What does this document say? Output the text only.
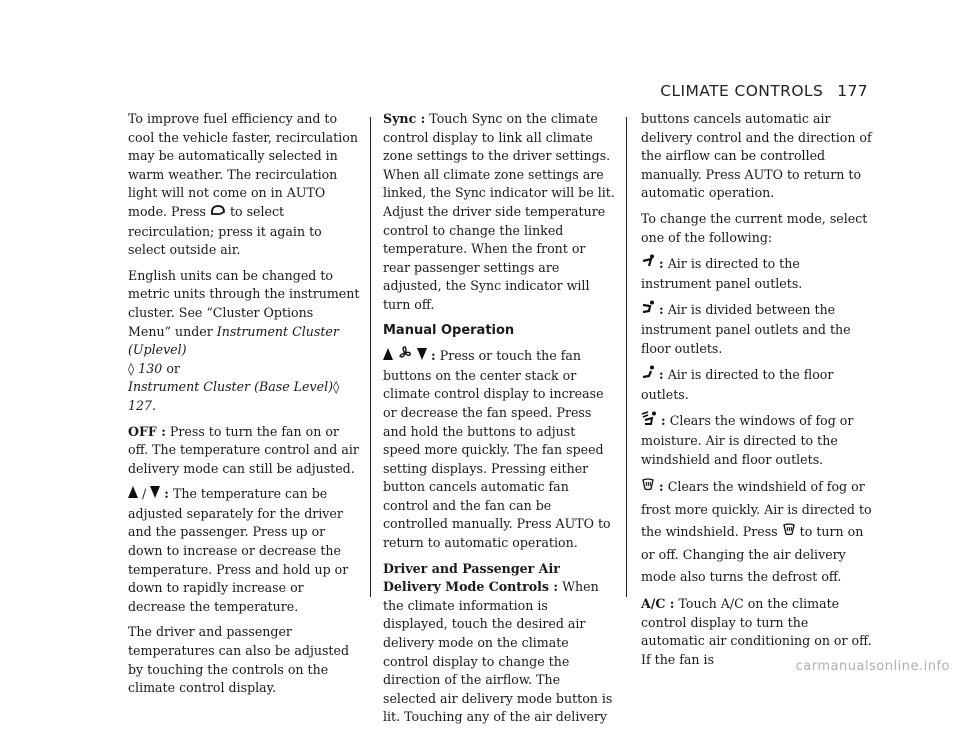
CLIMATE CONTROLS 177

To improve fuel efficiency and to cool the vehicle faster, recirculation may be automatically selected in warm weather. The recirculation light will not come on in AUTO mode. Press to select recirculation; press it again to select outside air.

English units can be changed to metric units through the instrument cluster. See “Cluster Options Menu” under Instrument Cluster (Uplevel)
◊ 130 or
Instrument Cluster (Base Level)◊ 127.

OFF : Press to turn the fan on or off. The temperature control and air delivery mode can still be adjusted.

/  : The temperature can be adjusted separately for the driver and the passenger. Press up or down to increase or decrease the temperature. Press and hold up or down to rapidly increase or decrease the temperature.

The driver and passenger temperatures can also be adjusted by touching the controls on the climate control display.

Sync : Touch Sync on the climate control display to link all climate zone settings to the driver settings. When all climate zone settings are linked, the Sync indicator will be lit. Adjust the driver side temperature control to change the linked temperature. When the front or rear passenger settings are adjusted, the Sync indicator will turn off.

Manual Operation

: Press or touch the fan buttons on the center stack or climate control display to increase or decrease the fan speed. Press and hold the buttons to adjust speed more quickly. The fan speed setting displays. Pressing either button cancels automatic fan control and the fan can be controlled manually. Press AUTO to return to automatic operation.

Driver and Passenger Air Delivery Mode Controls : When the climate information is displayed, touch the desired air delivery mode on the climate control display to change the direction of the airflow. The selected air delivery mode button is lit. Touching any of the air delivery

buttons cancels automatic air delivery control and the direction of the airflow can be controlled manually. Press AUTO to return to automatic operation.

To change the current mode, select one of the following:

: Air is directed to the instrument panel outlets.

: Air is divided between the instrument panel outlets and the floor outlets.

: Air is directed to the floor outlets.

: Clears the windows of fog or moisture. Air is directed to the windshield and floor outlets.

: Clears the windshield of fog or frost more quickly. Air is directed to the windshield. Press to turn on or off. Changing the air delivery mode also turns the defrost off.

A/C : Touch A/C on the climate control display to turn the automatic air conditioning on or off. If the fan is	carmanualsonline.info
